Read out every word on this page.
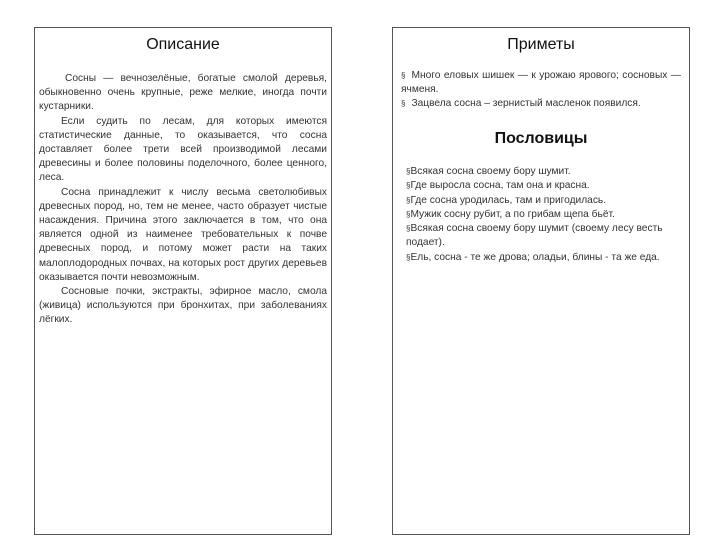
Описание

Сосны — вечнозелёные, богатые смолой деревья, обыкновенно очень крупные, реже мелкие, иногда почти кустарники.

Если судить по лесам, для которых имеются статистические данные, то оказывается, что сосна доставляет более трети всей производимой лесами древесины и более половины поделочного, более ценного, леса.

Сосна принадлежит к числу весьма светолюбивых древесных пород, но, тем не менее, часто образует чистые насаждения. Причина этого заключается в том, что она является одной из наименее требовательных к почве древесных пород, и потому может расти на таких малоплодородных почвах, на которых рост других деревьев оказывается почти невозможным.

Сосновые почки, экстракты, эфирное масло, смола (живица) используются при бронхитах, при заболеваниях лёгких.

Приметы

§ Много еловых шишек — к урожаю ярового; сосновых — ячменя.

§ Зацвела сосна – зернистый масленок появился.

Пословицы

§Всякая сосна своему бору шумит.

§Где выросла сосна, там она и красна.

§Где сосна уродилась, там и пригодилась.

§Мужик сосну рубит, а по грибам щепа бьёт.

§Всякая сосна своему бору шумит (своему лесу весть подает).

§Ель, сосна - те же дрова; оладьи, блины - та же еда.
